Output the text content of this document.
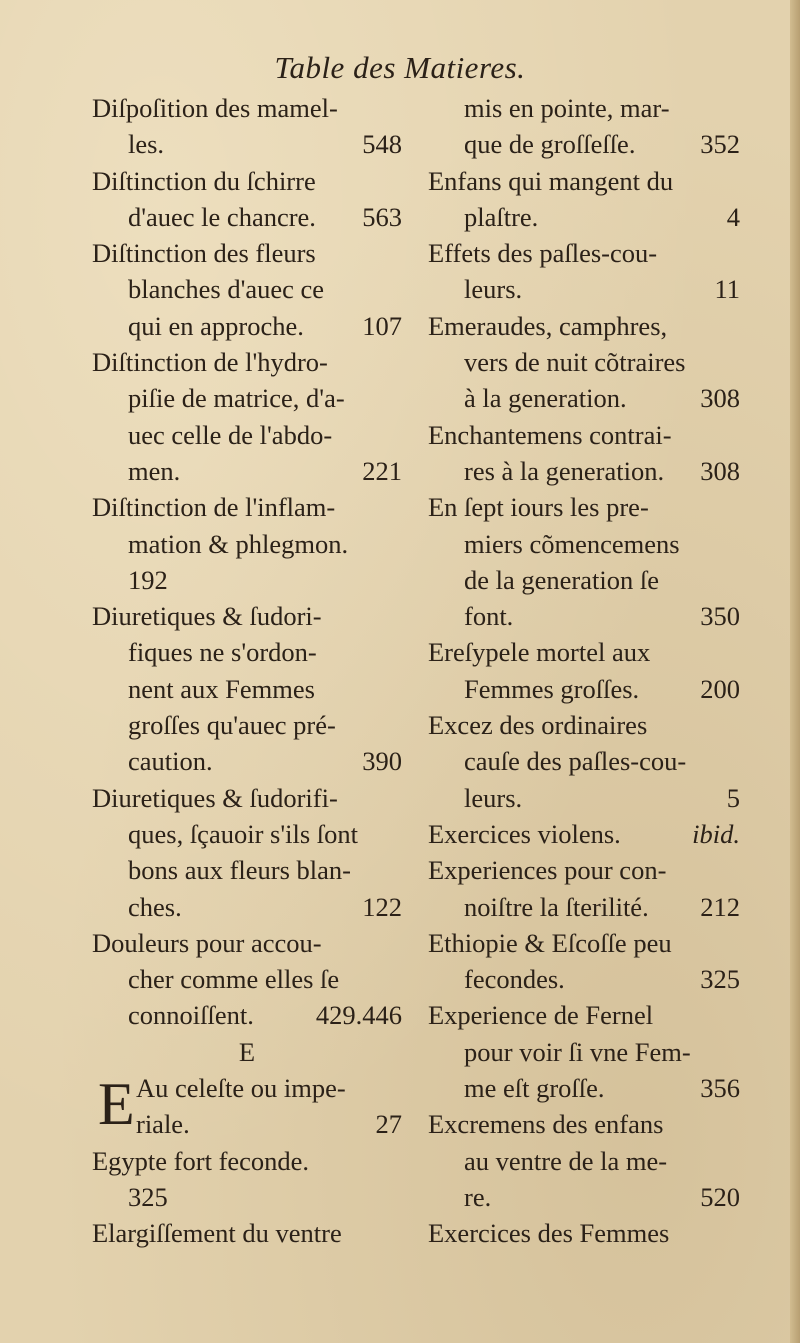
Table des Matieres.
Diſpoſition des mamel-
les.	548
Diſtinction du ſchirre
d'auec le chancre. 563
Diſtinction des fleurs
blanches d'auec ce
qui en approche. 107
Diſtinction de l'hydro-
piſie de matrice, d'a-
uec celle de l'abdo-
men.	221
Diſtinction de l'inflam-
mation & phlegmon.
192
Diuretiques & ſudori-
fiques ne s'ordon-
nent aux Femmes
groſſes qu'auec pré-
caution.	390
Diuretiques & ſudorifi-
ques, ſçauoir s'ils ſont
bons aux fleurs blan-
ches.	122
Douleurs pour accou-
cher comme elles ſe
connoiſſent. 429.446
E
E Au celeſte ou impe-
riale.	27
Egypte fort feconde.
325
Elargiſſement du ventre
mis en pointe, mar-
que de groſſeſſe. 352
Enfans qui mangent du
plaſtre.	4
Effets des paſles-cou-
leurs.	11
Emeraudes, camphres,
vers de nuit cõtraires
à la generation.	308
Enchantemens contrai-
res à la generation. 308
En ſept iours les pre-
miers cõmencemens
de la generation ſe
font.	350
Ereſypele mortel aux
Femmes groſſes. 200
Excez des ordinaires
cauſe des paſles-cou-
leurs.	5
Exercices violens.	ibid.
Experiences pour con-
noiſtre la ſterilité. 212
Ethiopie & Eſcoſſe peu
fecondes.	325
Experience de Fernel
pour voir ſi vne Fem-
me eſt groſſe.	356
Excremens des enfans
au ventre de la me-
re.	520
Exercices des Femmes
